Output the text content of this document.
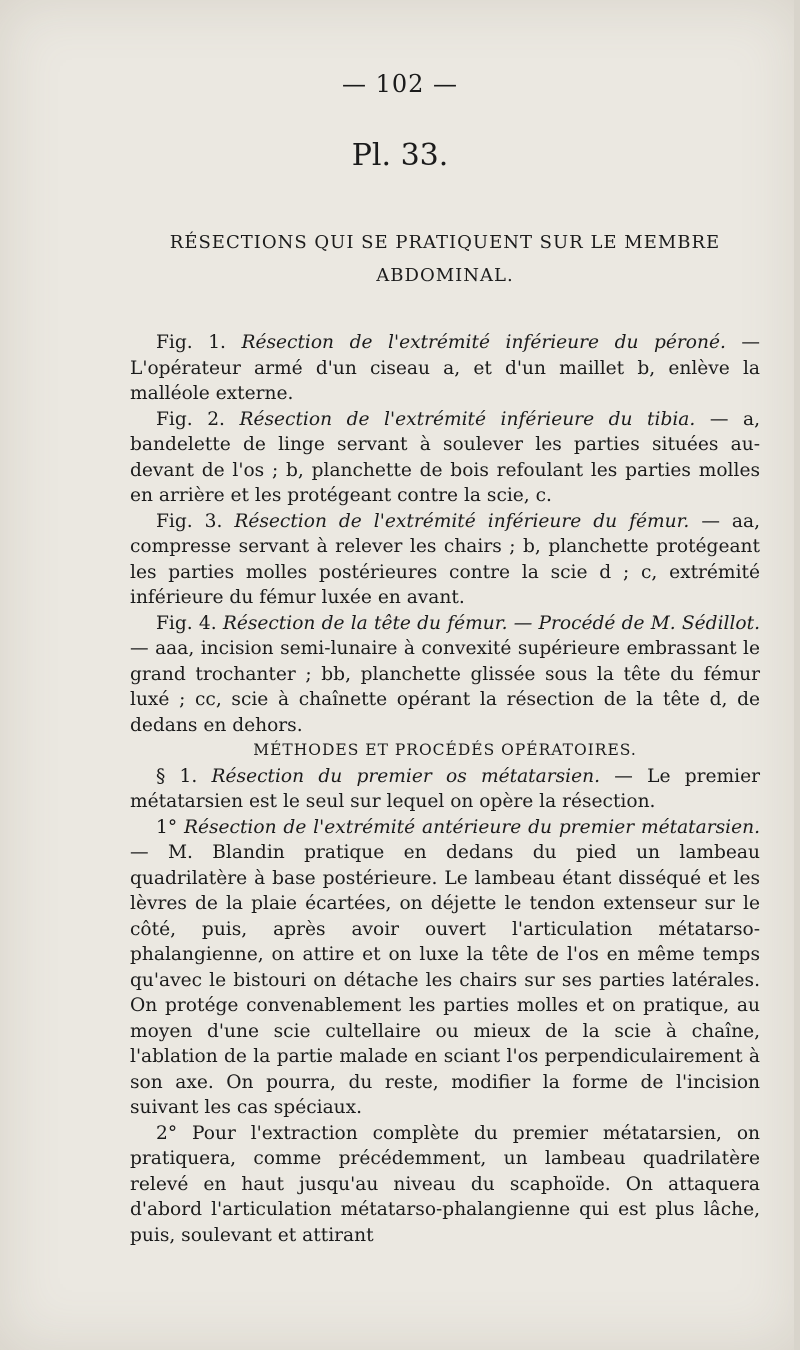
— 102 —
Pl. 33.
RÉSECTIONS QUI SE PRATIQUENT SUR LE MEMBRE
ABDOMINAL.

Fig. 1. Résection de l'extrémité inférieure du péroné. — L'opérateur armé d'un ciseau a, et d'un maillet b, enlève la malléole externe.

Fig. 2. Résection de l'extrémité inférieure du tibia. — a, bandelette de linge servant à soulever les parties situées au-devant de l'os ; b, planchette de bois refoulant les parties molles en arrière et les protégeant contre la scie, c.

Fig. 3. Résection de l'extrémité inférieure du fémur. — aa, compresse servant à relever les chairs ; b, planchette protégeant les parties molles postérieures contre la scie d ; c, extrémité inférieure du fémur luxée en avant.

Fig. 4. Résection de la tête du fémur. — Procédé de M. Sédillot. — aaa, incision semi-lunaire à convexité supérieure embrassant le grand trochanter ; bb, planchette glissée sous la tête du fémur luxé ; cc, scie à chaînette opérant la résection de la tête d, de dedans en dehors.

MÉTHODES ET PROCÉDÉS OPÉRATOIRES.

§ 1. Résection du premier os métatarsien. — Le premier métatarsien est le seul sur lequel on opère la résection.

1° Résection de l'extrémité antérieure du premier métatarsien. — M. Blandin pratique en dedans du pied un lambeau quadrilatère à base postérieure. Le lambeau étant disséqué et les lèvres de la plaie écartées, on déjette le tendon extenseur sur le côté, puis, après avoir ouvert l'articulation métatarso-phalangienne, on attire et on luxe la tête de l'os en même temps qu'avec le bistouri on détache les chairs sur ses parties latérales. On protége convenablement les parties molles et on pratique, au moyen d'une scie cultellaire ou mieux de la scie à chaîne, l'ablation de la partie malade en sciant l'os perpendiculairement à son axe. On pourra, du reste, modifier la forme de l'incision suivant les cas spéciaux.

2° Pour l'extraction complète du premier métatarsien, on pratiquera, comme précédemment, un lambeau quadrilatère relevé en haut jusqu'au niveau du scaphoïde. On attaquera d'abord l'articulation métatarso-phalangienne qui est plus lâche, puis, soulevant et attirant
